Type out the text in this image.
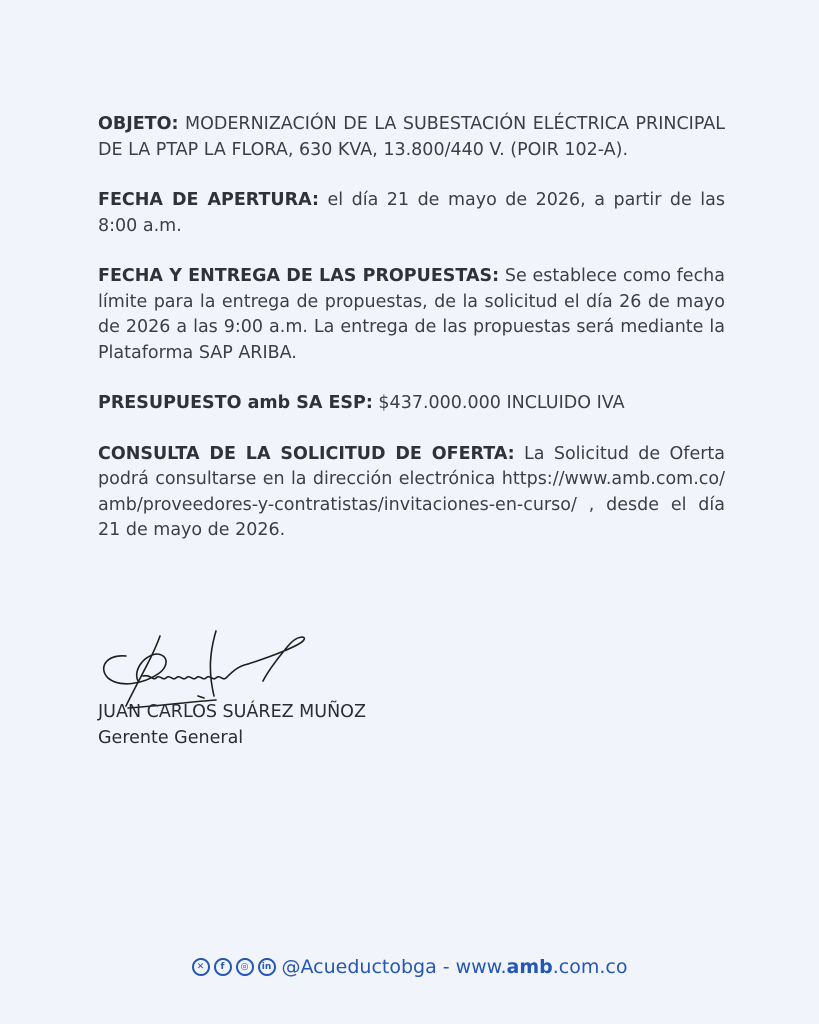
OBJETO: MODERNIZACIÓN DE LA SUBESTACIÓN ELÉCTRICA PRINCIPAL DE LA PTAP LA FLORA, 630 KVA, 13.800/440 V. (POIR 102-A).

FECHA DE APERTURA: el día 21 de mayo de 2026, a partir de las 8:00 a.m.

FECHA Y ENTREGA DE LAS PROPUESTAS: Se establece como fecha límite para la entrega de propuestas, de la solicitud el día 26 de mayo de 2026 a las 9:00 a.m. La entrega de las propuestas será mediante la Plataforma SAP ARIBA.

PRESUPUESTO amb SA ESP: $437.000.000 INCLUIDO IVA

CONSULTA DE LA SOLICITUD DE OFERTA: La Solicitud de Oferta podrá consultarse en la dirección electrónica https://www.amb.com.co/amb/proveedores-y-contratistas/invitaciones-en-curso/ , desde el día 21 de mayo de 2026.

JUAN CARLOS SUÁREZ MUÑOZ
Gerente General
✕	f	◎	in @Acueductobga - www.amb.com.co
